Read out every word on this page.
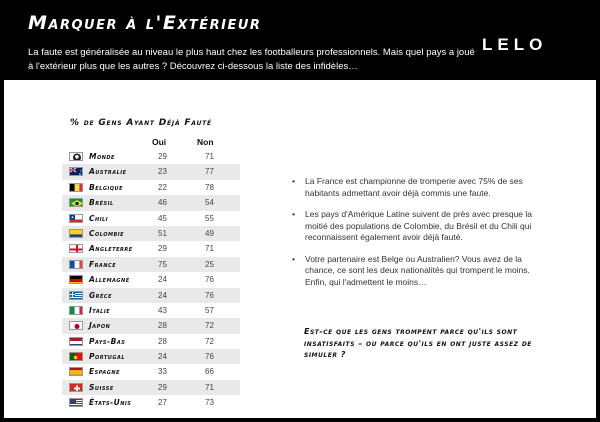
Marquer à l'Extérieur
La faute est généralisée au niveau le plus haut chez les footballeurs professionnels. Mais quel pays a joué à l'extérieur plus que les autres ? Découvrez ci-dessous la liste des infidèles…
LELO
% de Gens Ayant Déjà Fauté
Oui	Non
Monde	29	71
Australie	23	77
Belgique	22	78
Brésil	46	54
Chili	45	55
Colombie	51	49
Angleterre	29	71
France	75	25
Allemagne	24	76
Grèce	24	76
Italie	43	57
Japon	28	72
Pays-Bas	28	72
Portugal	24	76
Espagne	33	66
Suisse	29	71
États-Unis	27	73
• La France est championne de tromperie avec 75% de ses habitants admettant avoir déjà commis une faute.
• Les pays d'Amérique Latine suivent de près avec presque la moitié des populations de Colombie, du Brésil et du Chili qui reconnaissent également avoir déjà fauté.
• Votre partenaire est Belge ou Australien? Vous avez de la chance, ce sont les deux nationalités qui trompent le moins. Enfin, qui l'admettent le moins…
Est-ce que les gens trompent parce qu'ils sont insatisfaits – ou parce qu'ils en ont juste assez de simuler ?
